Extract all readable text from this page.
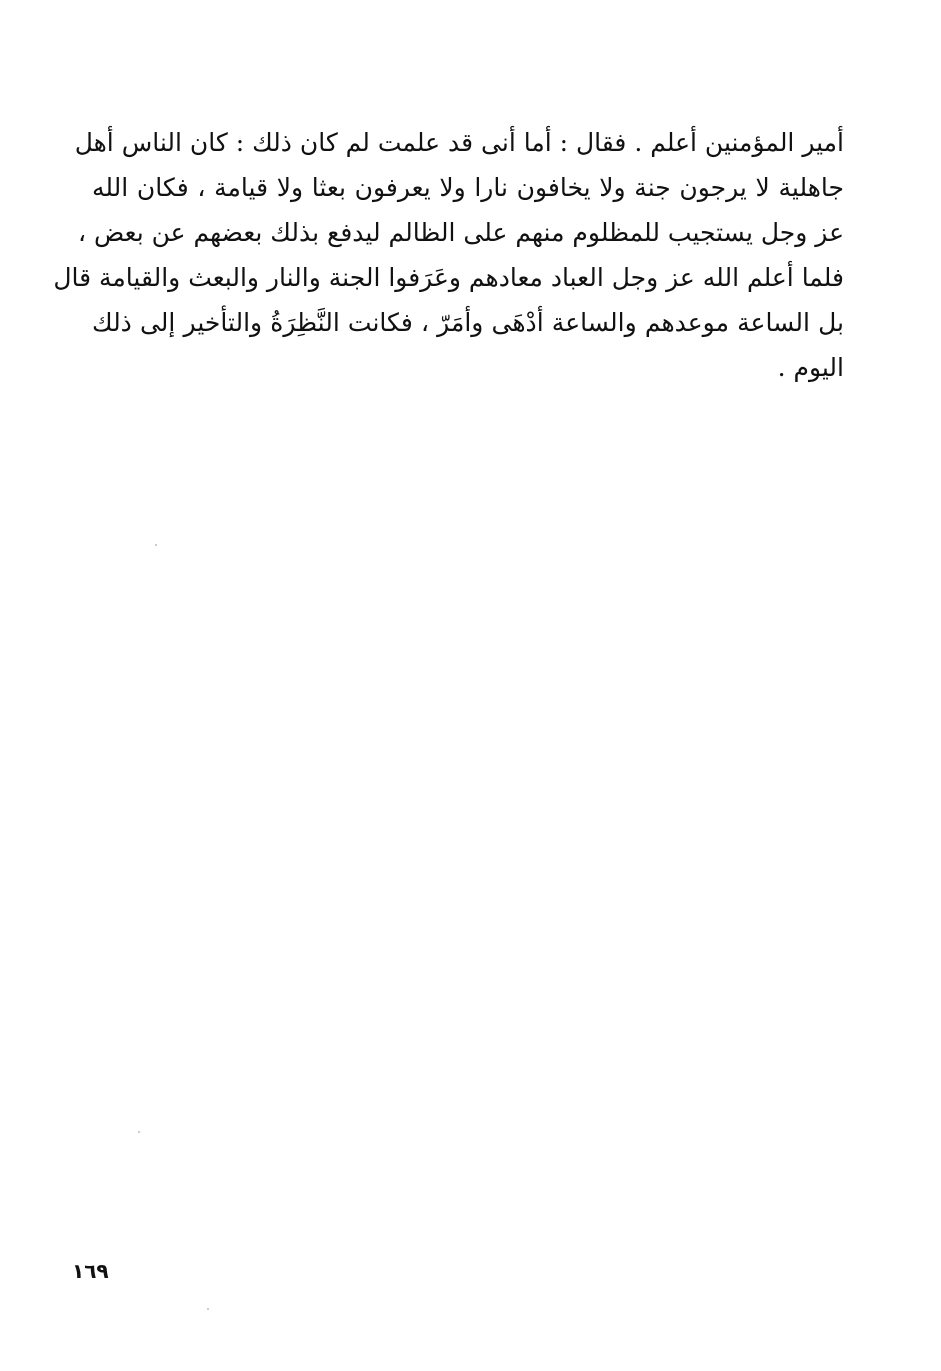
أمير المؤمنين أعلم . فقال : أما أنى قد علمت لم كان ذلك : كان الناس أهل
جاهلية لا يرجون جنة ولا يخافون نارا ولا يعرفون بعثا ولا قيامة ، فكان الله
عز وجل يستجيب للمظلوم منهم على الظالم ليدفع بذلك بعضهم عن بعض ،
فلما أعلم الله عز وجل العباد معادهم وعَرَفوا الجنة والنار والبعث والقيامة قال
بل الساعة موعدهم والساعة أدْهَى وأمَرّ ، فكانت النَّظِرَةُ والتأخير إلى ذلك
اليوم .
١٦٩
